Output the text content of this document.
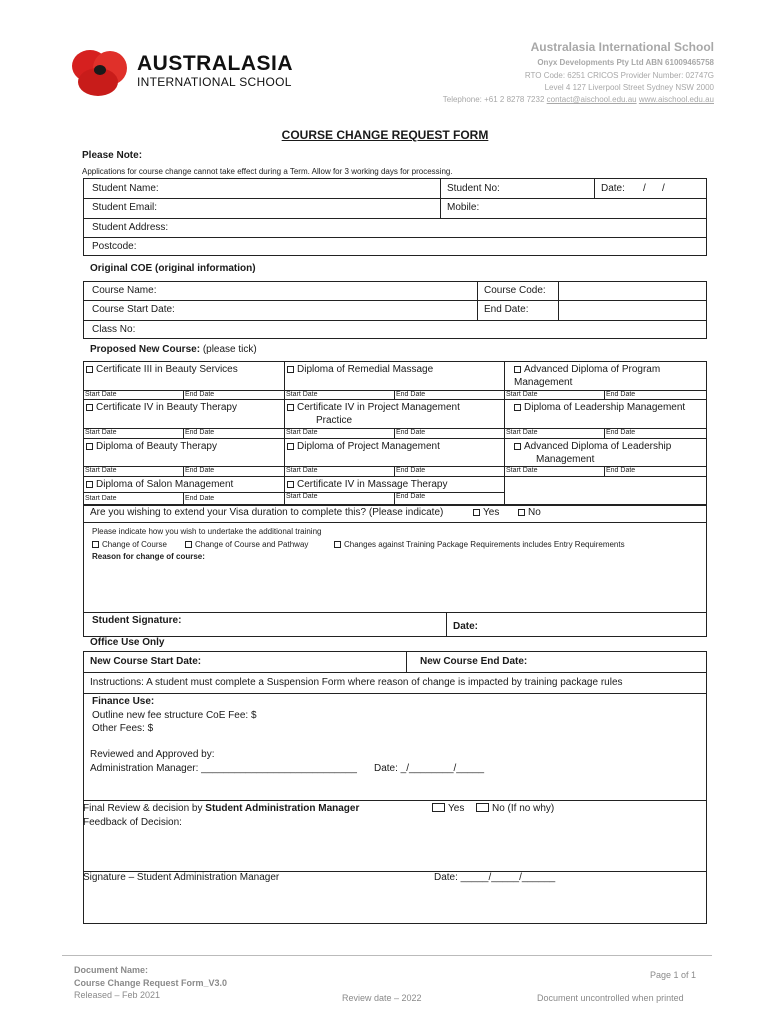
AUSTRALASIA
INTERNATIONAL SCHOOL
Australasia International School
Onyx Developments Pty Ltd ABN 61009465758
RTO Code: 6251 CRICOS Provider Number: 02747G
Level 4 127 Liverpool Street Sydney NSW 2000
Telephone: +61 2 8278 7232 contact@aischool.edu.au www.aischool.edu.au
COURSE CHANGE REQUEST FORM
Please Note:
Applications for course change cannot take effect during a Term. Allow for 3 working days for processing.
Student Name:	Student No:	Date: / /
Student Email:	Mobile:
Student Address:
Postcode:
Original COE (original information)
Course Name:	Course Code:
Course Start Date:	End Date:
Class No:
Proposed New Course: (please tick)
Certificate III in Beauty Services	Diploma of Remedial Massage	Advanced Diploma of Program
Management
Start Date	End Date	Start Date	End Date	Start Date	End Date
Certificate IV in Beauty Therapy	Certificate IV in Project Management
Practice
Diploma of Leadership Management
Start Date	End Date	Start Date	End Date	Start Date	End Date
Diploma of Beauty Therapy	Diploma of Project Management	Advanced Diploma of Leadership
Management
Start Date	End Date	Start Date	End Date	Start Date	End Date
Diploma of Salon Management	Certificate IV in Massage Therapy
Start Date	End Date	Start Date	End Date
Are you wishing to extend your Visa duration to complete this? (Please indicate)	Yes	No
Please indicate how you wish to undertake the additional training
Change of Course	Change of Course and Pathway	Changes against Training Package Requirements includes Entry Requirements
Reason for change of course:
Student Signature:
Date:
Office Use Only
New Course Start Date:	New Course End Date:
Instructions: A student must complete a Suspension Form where reason of change is impacted by training package rules
Finance Use:
Outline new fee structure CoE Fee: $
Other Fees: $
Reviewed and Approved by:
Administration Manager: ____________________________ Date: _/________/_____
Final Review & decision by Student Administration Manager	Yes	No (If no why)
Feedback of Decision:
Signature – Student Administration Manager	Date: _____/_____/______
Document Name:
Course Change Request Form_V3.0
Released – Feb 2021	Review date – 2022
Page 1 of 1
Document uncontrolled when printed
